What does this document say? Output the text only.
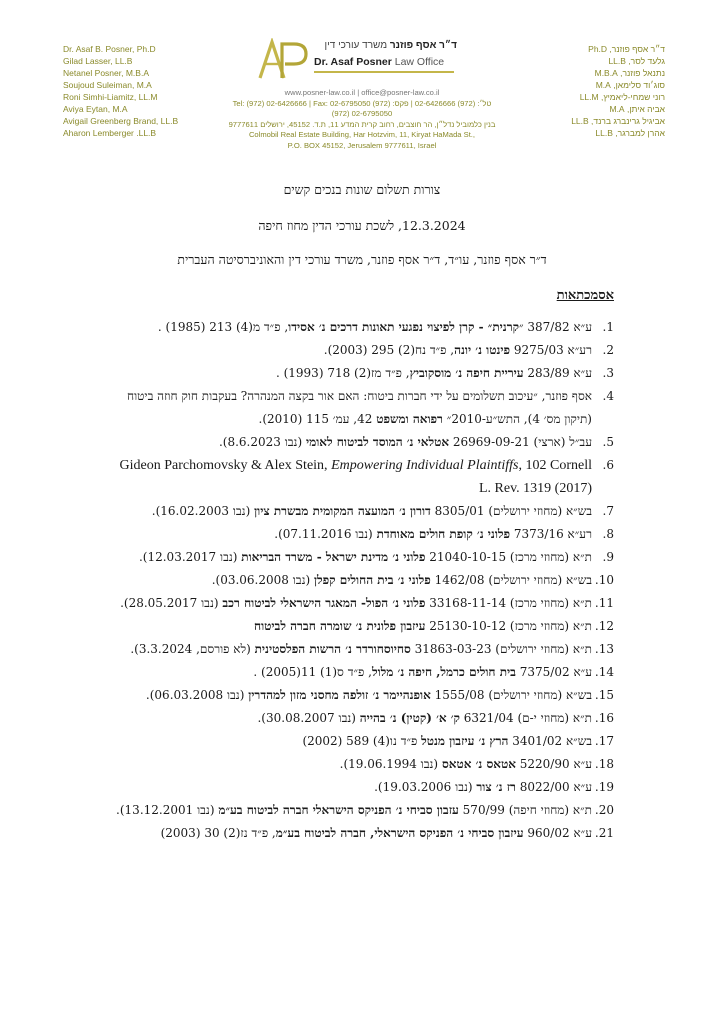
Dr. Asaf B. Posner, Ph.D
Gilad Lasser, LL.B
Netanel Posner, M.B.A
Soujoud Suleiman, M.A
Roni Simhi-Liamitz, LL.M
Aviya Eytan, M.A
Avigail Greenberg Brand, LL.B
Aharon Lemberger .LL.B
ד״ר אסף פוזנר, Ph.D
גלעד לסר, LL.B
נתנאל פוזנר, M.B.A
סוג׳וד סלימאן, M.A
רוני שמחי-ליאמיץ, LL.M
אביה איתן, M.A
אביגיל גרינברג ברנד, LL.B
אהרן למברגר, LL.B
ד״ר אסף פוזנר משרד עורכי דין
Dr. Asaf Posner Law Office
www.posner-law.co.il | office@posner-law.co.il
טל׳: (972) 02-6426666 | פקס: (972) 02-6795050 Tel: (972) 02-6426666 | Fax: (972) 02-6795050
בנין כלמוביל נדל״ן, הר חוצבים, רחוב קרית המדע 11, ת.ד. 45152, ירושלים 9777611
Colmobil Real Estate Building, Har Hotzvim, 11, Kiryat HaMada St.,
P.O. BOX 45152, Jerusalem 9777611, Israel
צורות תשלום שונות בנכים קשים
12.3.2024, לשכת עורכי הדין מחוז חיפה
ד״ר אסף פוזנר, עו״ד, ד״ר אסף פוזנר, משרד עורכי דין והאוניברסיטה העברית
אסמכתאות
1.
ע״א 387/82 ״קרנית״ - קרן לפיצוי נפגעי תאונות דרכים נ׳ אסידו, פ״ד מ(4) 213 (1985) .
2.
רע״א 9275/03 פינטו נ׳ יונה, פ״ד נח(2) 295 (2003).
3.
ע״א 283/89 עיריית חיפה נ׳ מוסקוביץ, פ״ד מז(2) 718 (1993) .
4.
אסף פוזנר, ״עיכוב תשלומים על ידי חברות ביטוח: האם אור בקצה המנהרה? בעקבות חוק חוזה ביטוח (תיקון מס׳ 4), התש״ע-2010״ רפואה ומשפט 42, עמ׳ 115 (2010).
5.
עב״ל (ארצי) 26969-09-21 אטלאי נ׳ המוסד לביטוח לאומי (נבו 8.6.2023).
6.
Gideon Parchomovsky & Alex Stein, Empowering Individual Plaintiffs, 102 Cornell L. Rev. 1319 (2017)
7.
בש״א (מחוזי ירושלים) 8305/01 דורון נ׳ המועצה המקומית מבשרת ציון (נבו 16.02.2003).
8.
רע״א 7373/16 פלוני נ׳ קופת חולים מאוחדת (נבו 07.11.2016).
9.
ת״א (מחוזי מרכז) 21040-10-15 פלוני נ׳ מדינת ישראל - משרד הבריאות (נבו 12.03.2017).
10.
בש״א (מחוזי ירושלים) 1462/08 פלוני נ׳ בית החולים קפלן (נבו 03.06.2008).
11.
ת״א (מחוזי מרכז) 33168-11-14 פלוני נ׳ הפול- המאגר הישראלי לביטוח רכב (נבו 28.05.2017).
12.
ת״א (מחוזי מרכז) 25130-10-12 עיזבון פלונית נ׳ שומרה חברה לביטוח
13.
ת״א (מחוזי ירושלים) 31863-03-23 סחיוסחורדר נ׳ הרשות הפלסטינית (לא פורסם, 3.3.2024).
14.
ע״א 7375/02 בית חולים כרמל, חיפה נ׳ מלול, פ״ד ס(1) 11(2005) .
15.
בש״א (מחוזי ירושלים) 1555/08 אופנהיימר נ׳ זולפה מחסני מזון למהדרין (נבו 06.03.2008).
16.
ת״א (מחוזי י-ם) 6321/04 ק׳ א׳ (קטין) נ׳ בהייה (נבו 30.08.2007).
17.
בש״א 3401/02 הרץ נ׳ עיזבון מנטל פ״ד נו(4) 589 (2002)
18.
ע״א 5220/90 אטאס נ׳ אטאס (נבו 19.06.1994).
19.
ע״א 8022/00 רז נ׳ צור (נבו 19.03.2006).
20.
ת״א (מחוזי חיפה) 570/99 עזבון סביחי נ׳ הפניקס הישראלי חברה לביטוח בע״מ (נבו 13.12.2001).
21.
ע״א 960/02 עיזבון סביחי נ׳ הפניקס הישראלי, חברה לביטוח בע״מ, פ״ד נז(2) 30 (2003)
